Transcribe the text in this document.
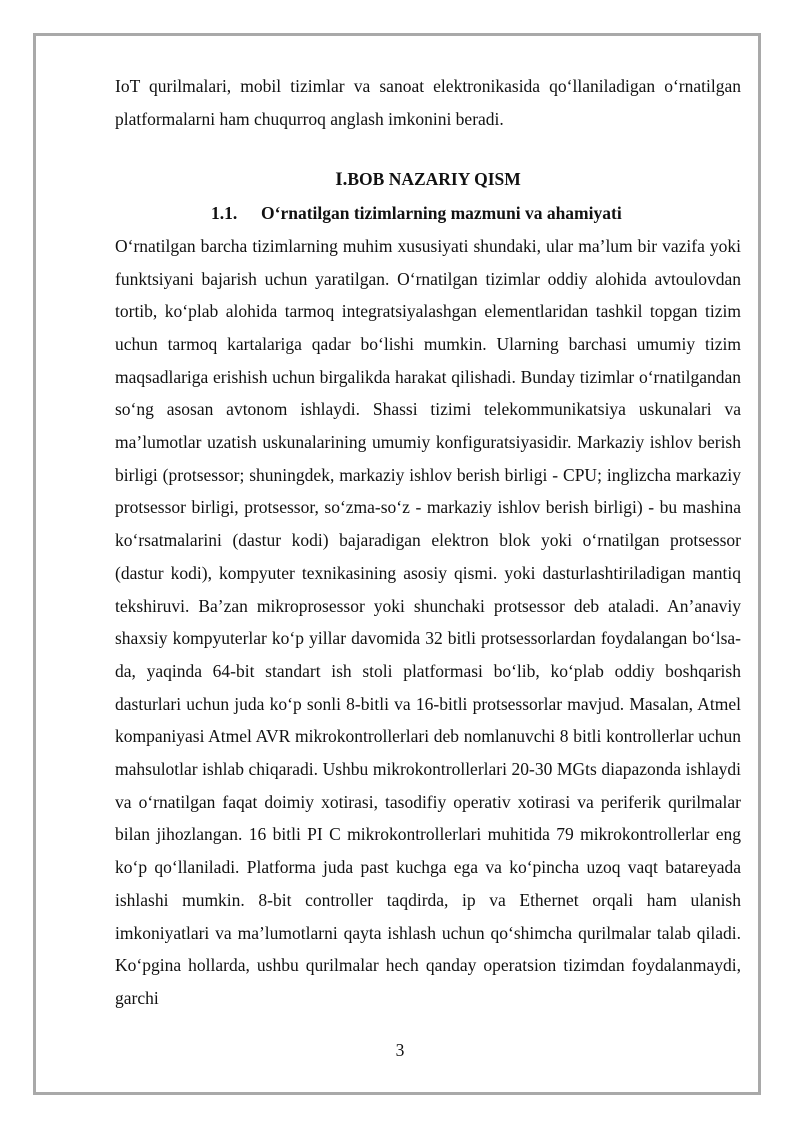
IoT qurilmalari, mobil tizimlar va sanoat elektronikasida qo‘llaniladigan o‘rnatilgan platformalarni ham chuqurroq anglash imkonini beradi.

I.BOB NAZARIY QISM
1.1. O‘rnatilgan tizimlarning mazmuni va ahamiyati

O‘rnatilgan barcha tizimlarning muhim xususiyati shundaki, ular ma’lum bir vazifa yoki funktsiyani bajarish uchun yaratilgan. O‘rnatilgan tizimlar oddiy alohida avtoulovdan tortib, ko‘plab alohida tarmoq integratsiyalashgan elementlaridan tashkil topgan tizim uchun tarmoq kartalariga qadar bo‘lishi mumkin. Ularning barchasi umumiy tizim maqsadlariga erishish uchun birgalikda harakat qilishadi. Bunday tizimlar o‘rnatilgandan so‘ng asosan avtonom ishlaydi. Shassi tizimi telekommunikatsiya uskunalari va ma’lumotlar uzatish uskunalarining umumiy konfiguratsiyasidir. Markaziy ishlov berish birligi (protsessor; shuningdek, markaziy ishlov berish birligi - CPU; inglizcha markaziy protsessor birligi, protsessor, so‘zma-so‘z - markaziy ishlov berish birligi) - bu mashina ko‘rsatmalarini (dastur kodi) bajaradigan elektron blok yoki o‘rnatilgan protsessor (dastur kodi), kompyuter texnikasining asosiy qismi. yoki dasturlashtiriladigan mantiq tekshiruvi. Ba’zan mikroprosessor yoki shunchaki protsessor deb ataladi. An’anaviy shaxsiy kompyuterlar ko‘p yillar davomida 32 bitli protsessorlardan foydalangan bo‘lsa-da, yaqinda 64-bit standart ish stoli platformasi bo‘lib, ko‘plab oddiy boshqarish dasturlari uchun juda ko‘p sonli 8-bitli va 16-bitli protsessorlar mavjud. Masalan, Atmel kompaniyasi Atmel AVR mikrokontrollerlari deb nomlanuvchi 8 bitli kontrollerlar uchun mahsulotlar ishlab chiqaradi. Ushbu mikrokontrollerlari 20-30 MGts diapazonda ishlaydi va o‘rnatilgan faqat doimiy xotirasi, tasodifiy operativ xotirasi va periferik qurilmalar bilan jihozlangan. 16 bitli PI C mikrokontrollerlari muhitida 79 mikrokontrollerlar eng ko‘p qo‘llaniladi. Platforma juda past kuchga ega va ko‘pincha uzoq vaqt batareyada ishlashi mumkin. 8-bit controller taqdirda, ip va Ethernet orqali ham ulanish imkoniyatlari va ma’lumotlarni qayta ishlash uchun qo‘shimcha qurilmalar talab qiladi. Ko‘pgina hollarda, ushbu qurilmalar hech qanday operatsion tizimdan foydalanmaydi, garchi

3
